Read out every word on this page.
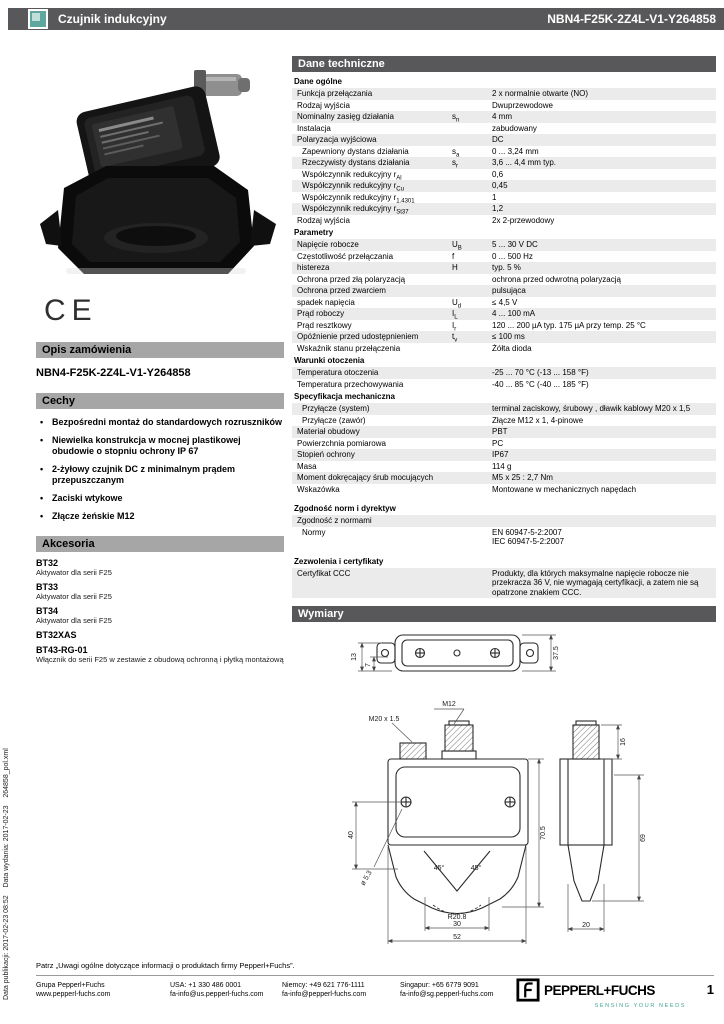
Czujnik indukcyjny	NBN4-F25K-2Z4L-V1-Y264858
Data publikacji: 2017-02-23 08:52    Data wydania: 2017-02-23    264858_pol.xml
CE
Opis zamówienia
NBN4-F25K-2Z4L-V1-Y264858
Cechy
• Bezpośredni montaż do standardowych rozruszników
• Niewielka konstrukcja w mocnej plastikowej obudowie o stopniu ochrony IP 67
• 2-żyłowy czujnik DC z minimalnym prądem przepuszczanym
• Zaciski wtykowe
• Złącze żeńskie M12
Akcesoria
BT32
Aktywator dla serii F25
BT33
Aktywator dla serii F25
BT34
Aktywator dla serii F25
BT32XAS
BT43-RG-01
Włącznik do serii F25 w zestawie z obudową ochronną i płytką montażową
Dane techniczne
Dane ogólne
Funkcja przełączania	2 x normalnie otwarte (NO)
Rodzaj wyjścia	Dwuprzewodowe
Nominalny zasięg działania	$s_n$	4 mm
Instalacja	zabudowany
Polaryzacja wyjściowa	DC
Zapewniony dystans działania	$s_a$	0 ... 3,24 mm
Rzeczywisty dystans działania	$s_r$	3,6 ... 4,4 mm typ.
Współczynnik redukcyjny $r_{Al}$	0,6
Współczynnik redukcyjny $r_{Cu}$	0,45
Współczynnik redukcyjny $r_{1.4301}$	1
Współczynnik redukcyjny $r_{St37}$	1,2
Rodzaj wyjścia	2x 2-przewodowy
Parametry
Napięcie robocze	$U_B$	5 ... 30 V DC
Częstotliwość przełączania	f	0 ... 500 Hz
histereza	H	typ. 5 %
Ochrona przed złą polaryzacją	ochrona przed odwrotną polaryzacją
Ochrona przed zwarciem	pulsująca
spadek napięcia	$U_d$	≤ 4,5 V
Prąd roboczy	$I_L$	4 ... 100 mA
Prąd resztkowy	$I_r$	120 ... 200 µA typ. 175 µA przy temp. 25 °C
Opóźnienie przed udostępnieniem	$t_v$	≤ 100 ms
Wskaźnik stanu przełączenia	Żółta dioda
Warunki otoczenia
Temperatura otoczenia	-25 ... 70 °C (-13 ... 158 °F)
Temperatura przechowywania	-40 ... 85 °C (-40 ... 185 °F)
Specyfikacja mechaniczna
Przyłącze (system)	terminal zaciskowy, śrubowy , dławik kablowy M20 x 1,5
Przyłącze (zawór)	Złącze M12 x 1, 4-pinowe
Materiał obudowy	PBT
Powierzchnia pomiarowa	PC
Stopień ochrony	IP67
Masa	114 g
Moment dokręcający śrub mocujących	M5 x 25 : 2,7 Nm
Wskazówka	Montowane w mechanicznych napędach
Zgodność norm i dyrektyw
Zgodność z normami
Normy	EN 60947-5-2:2007
IEC 60947-5-2:2007
Zezwolenia i certyfikaty
Certyfikat CCC	Produkty, dla których maksymalne napięcie robocze nie przekracza 36 V, nie wymagają certyfikacji, a zatem nie są opatrzone znakiem CCC.
Wymiary
37.5
13
7
M12
M20 x 1.5
40
ø 5.3
70.5
45°	45°
R20.8
30
52
16
69
20
Patrz „Uwagi ogólne dotyczące informacji o produktach firmy Pepperl+Fuchs”.
Grupa Pepperl+Fuchs
www.pepperl-fuchs.com
USA: +1 330 486 0001
fa-info@us.pepperl-fuchs.com
Niemcy: +49 621 776-1111
fa-info@pepperl-fuchs.com
Singapur: +65 6779 9091
fa-info@sg.pepperl-fuchs.com	PEPPERL+FUCHS
SENSING YOUR NEEDS
1
